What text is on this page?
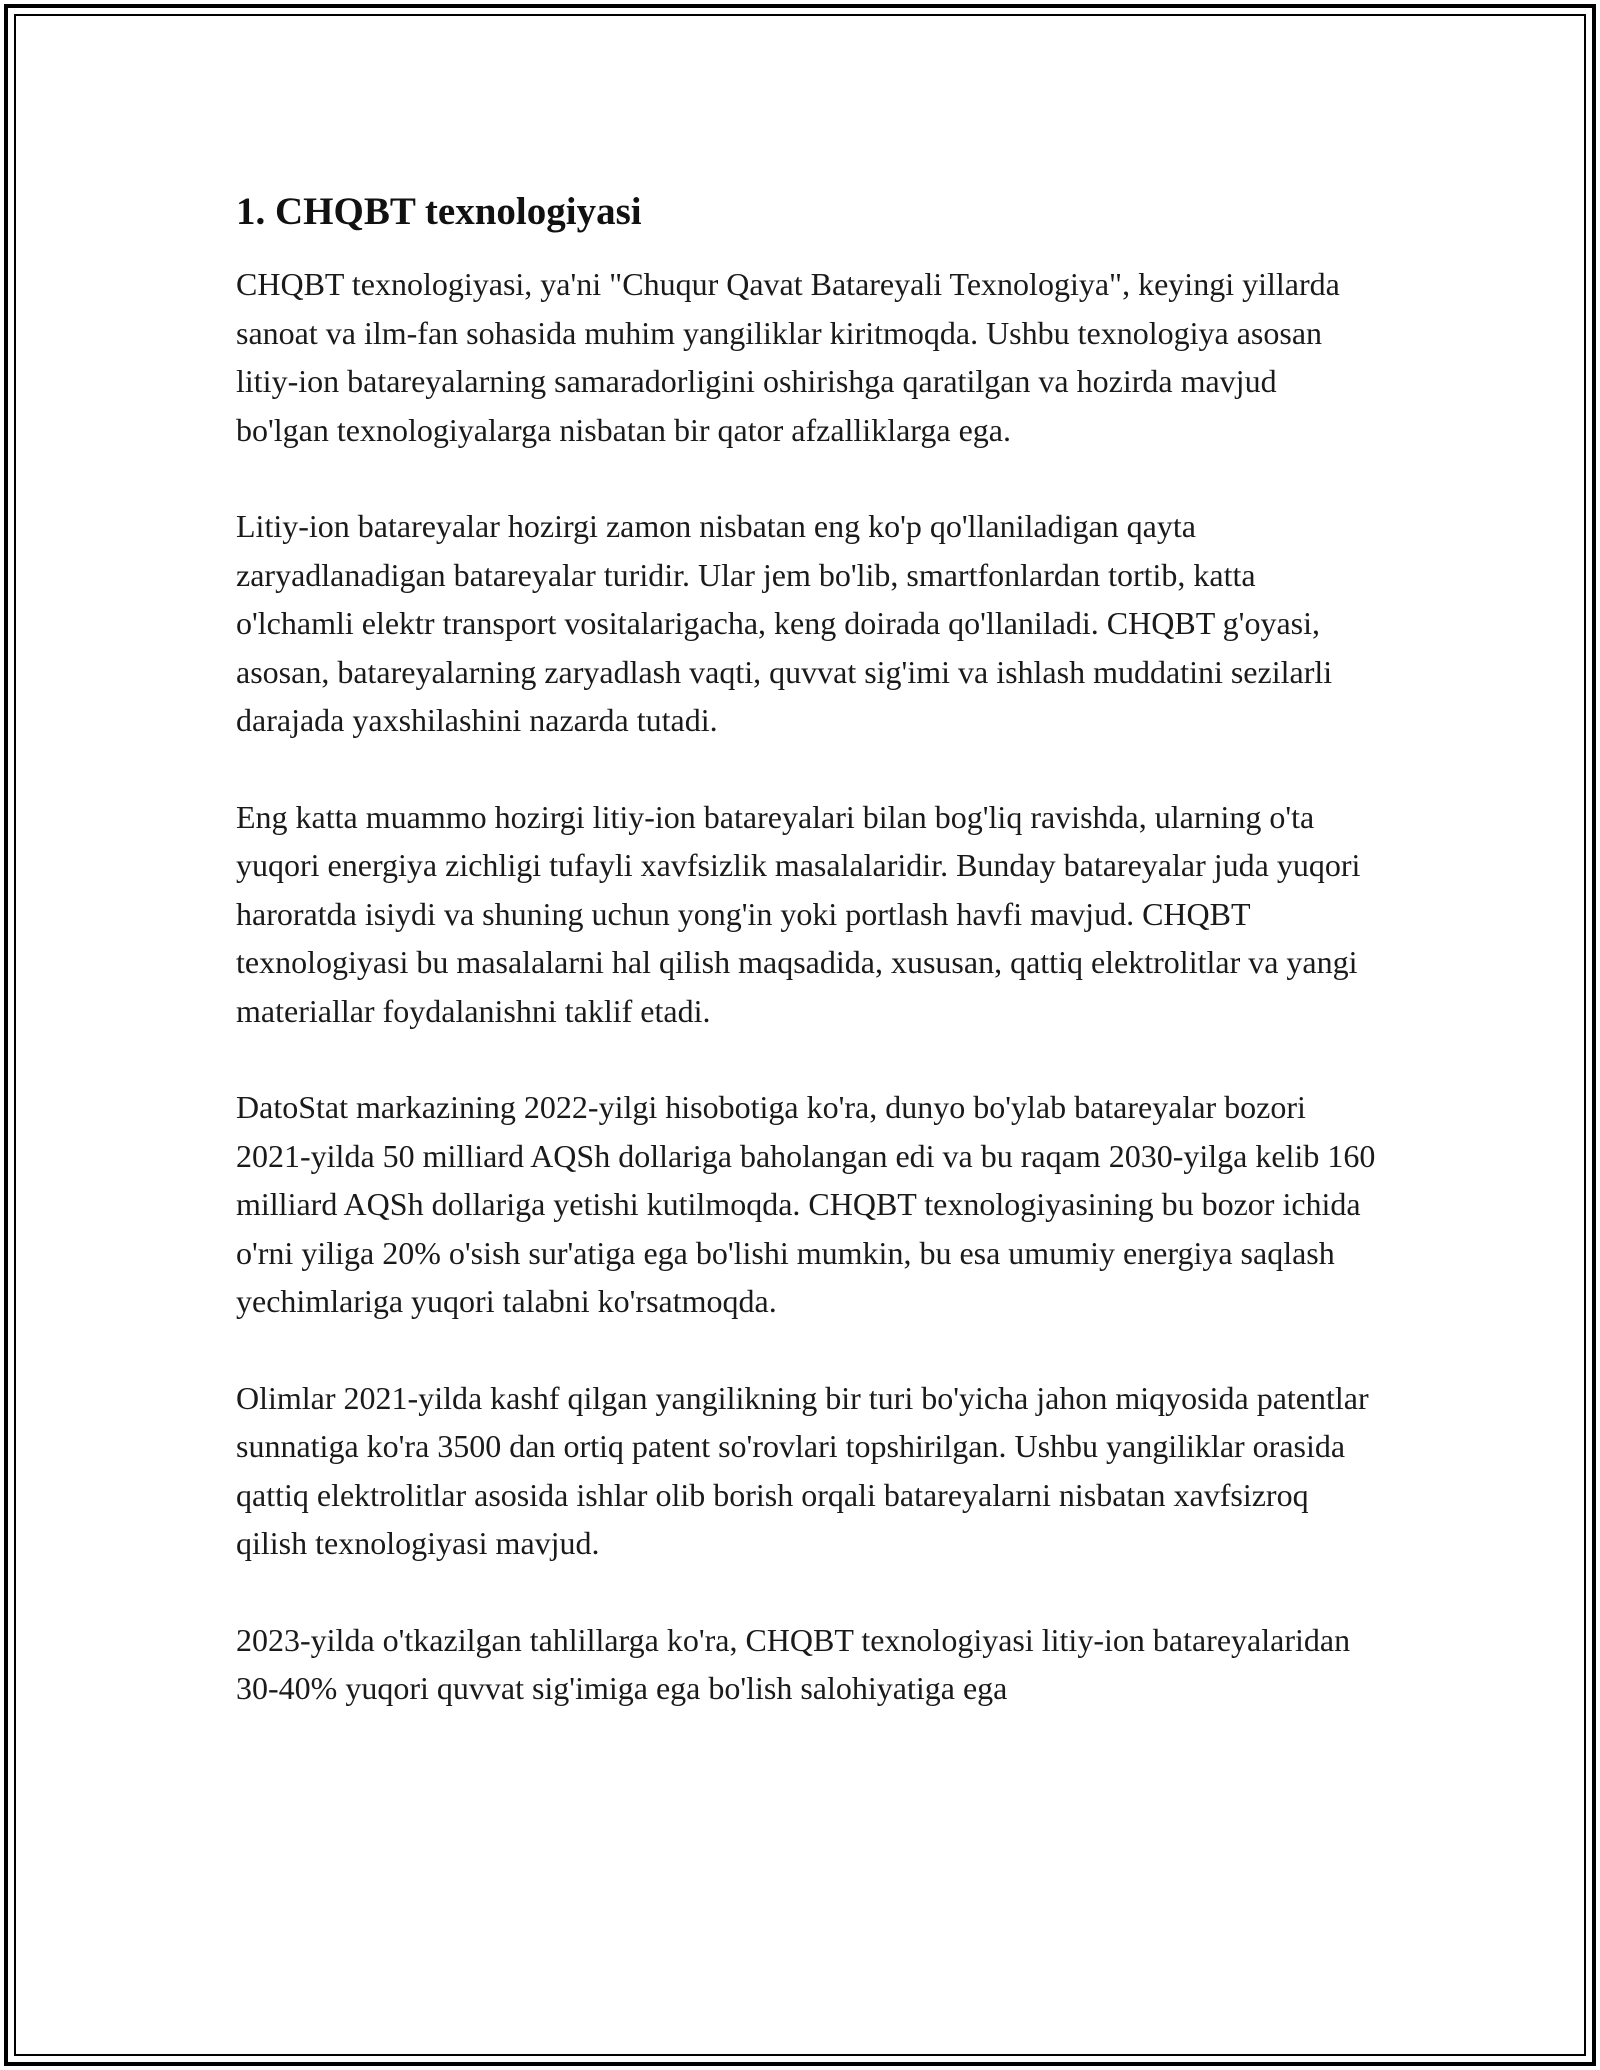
1. CHQBT texnologiyasi

CHQBT texnologiyasi, ya'ni "Chuqur Qavat Batareyali Texnologiya", keyingi yillarda sanoat va ilm-fan sohasida muhim yangiliklar kiritmoqda. Ushbu texnologiya asosan litiy-ion batareyalarning samaradorligini oshirishga qaratilgan va hozirda mavjud bo'lgan texnologiyalarga nisbatan bir qator afzalliklarga ega.

Litiy-ion batareyalar hozirgi zamon nisbatan eng ko'p qo'llaniladigan qayta zaryadlanadigan batareyalar turidir. Ular jem bo'lib, smartfonlardan tortib, katta o'lchamli elektr transport vositalarigacha, keng doirada qo'llaniladi. CHQBT g'oyasi, asosan, batareyalarning zaryadlash vaqti, quvvat sig'imi va ishlash muddatini sezilarli darajada yaxshilashini nazarda tutadi.

Eng katta muammo hozirgi litiy-ion batareyalari bilan bog'liq ravishda, ularning o'ta yuqori energiya zichligi tufayli xavfsizlik masalalaridir. Bunday batareyalar juda yuqori haroratda isiydi va shuning uchun yong'in yoki portlash havfi mavjud. CHQBT texnologiyasi bu masalalarni hal qilish maqsadida, xususan, qattiq elektrolitlar va yangi materiallar foydalanishni taklif etadi.

DatoStat markazining 2022-yilgi hisobotiga ko'ra, dunyo bo'ylab batareyalar bozori 2021-yilda 50 milliard AQSh dollariga baholangan edi va bu raqam 2030-yilga kelib 160 milliard AQSh dollariga yetishi kutilmoqda. CHQBT texnologiyasining bu bozor ichida o'rni yiliga 20% o'sish sur'atiga ega bo'lishi mumkin, bu esa umumiy energiya saqlash yechimlariga yuqori talabni ko'rsatmoqda.

Olimlar 2021-yilda kashf qilgan yangilikning bir turi bo'yicha jahon miqyosida patentlar sunnatiga ko'ra 3500 dan ortiq patent so'rovlari topshirilgan. Ushbu yangiliklar orasida qattiq elektrolitlar asosida ishlar olib borish orqali batareyalarni nisbatan xavfsizroq qilish texnologiyasi mavjud.

2023-yilda o'tkazilgan tahlillarga ko'ra, CHQBT texnologiyasi litiy-ion batareyalaridan 30-40% yuqori quvvat sig'imiga ega bo'lish salohiyatiga ega
